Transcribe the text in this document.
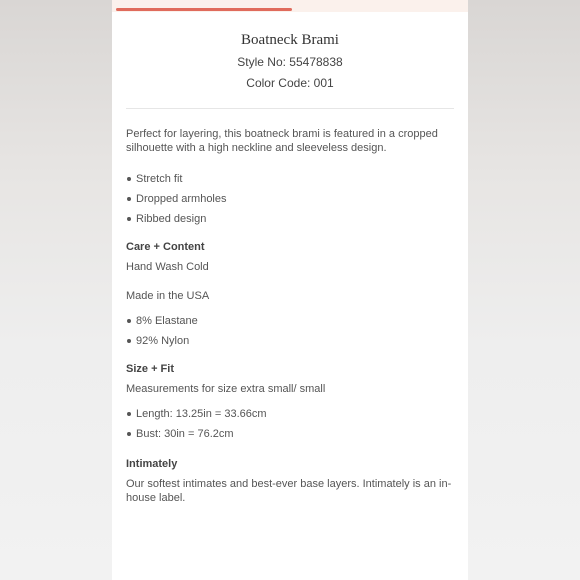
Boatneck Brami
Style No: 55478838
Color Code: 001

Perfect for layering, this boatneck brami is featured in a cropped silhouette with a high neckline and sleeveless design.

Stretch fit
Dropped armholes
Ribbed design

Care + Content

Hand Wash Cold

Made in the USA

8% Elastane
92% Nylon

Size + Fit

Measurements for size extra small/ small

Length: 13.25in = 33.66cm
Bust: 30in = 76.2cm

Intimately

Our softest intimates and best-ever base layers. Intimately is an in-house label.
